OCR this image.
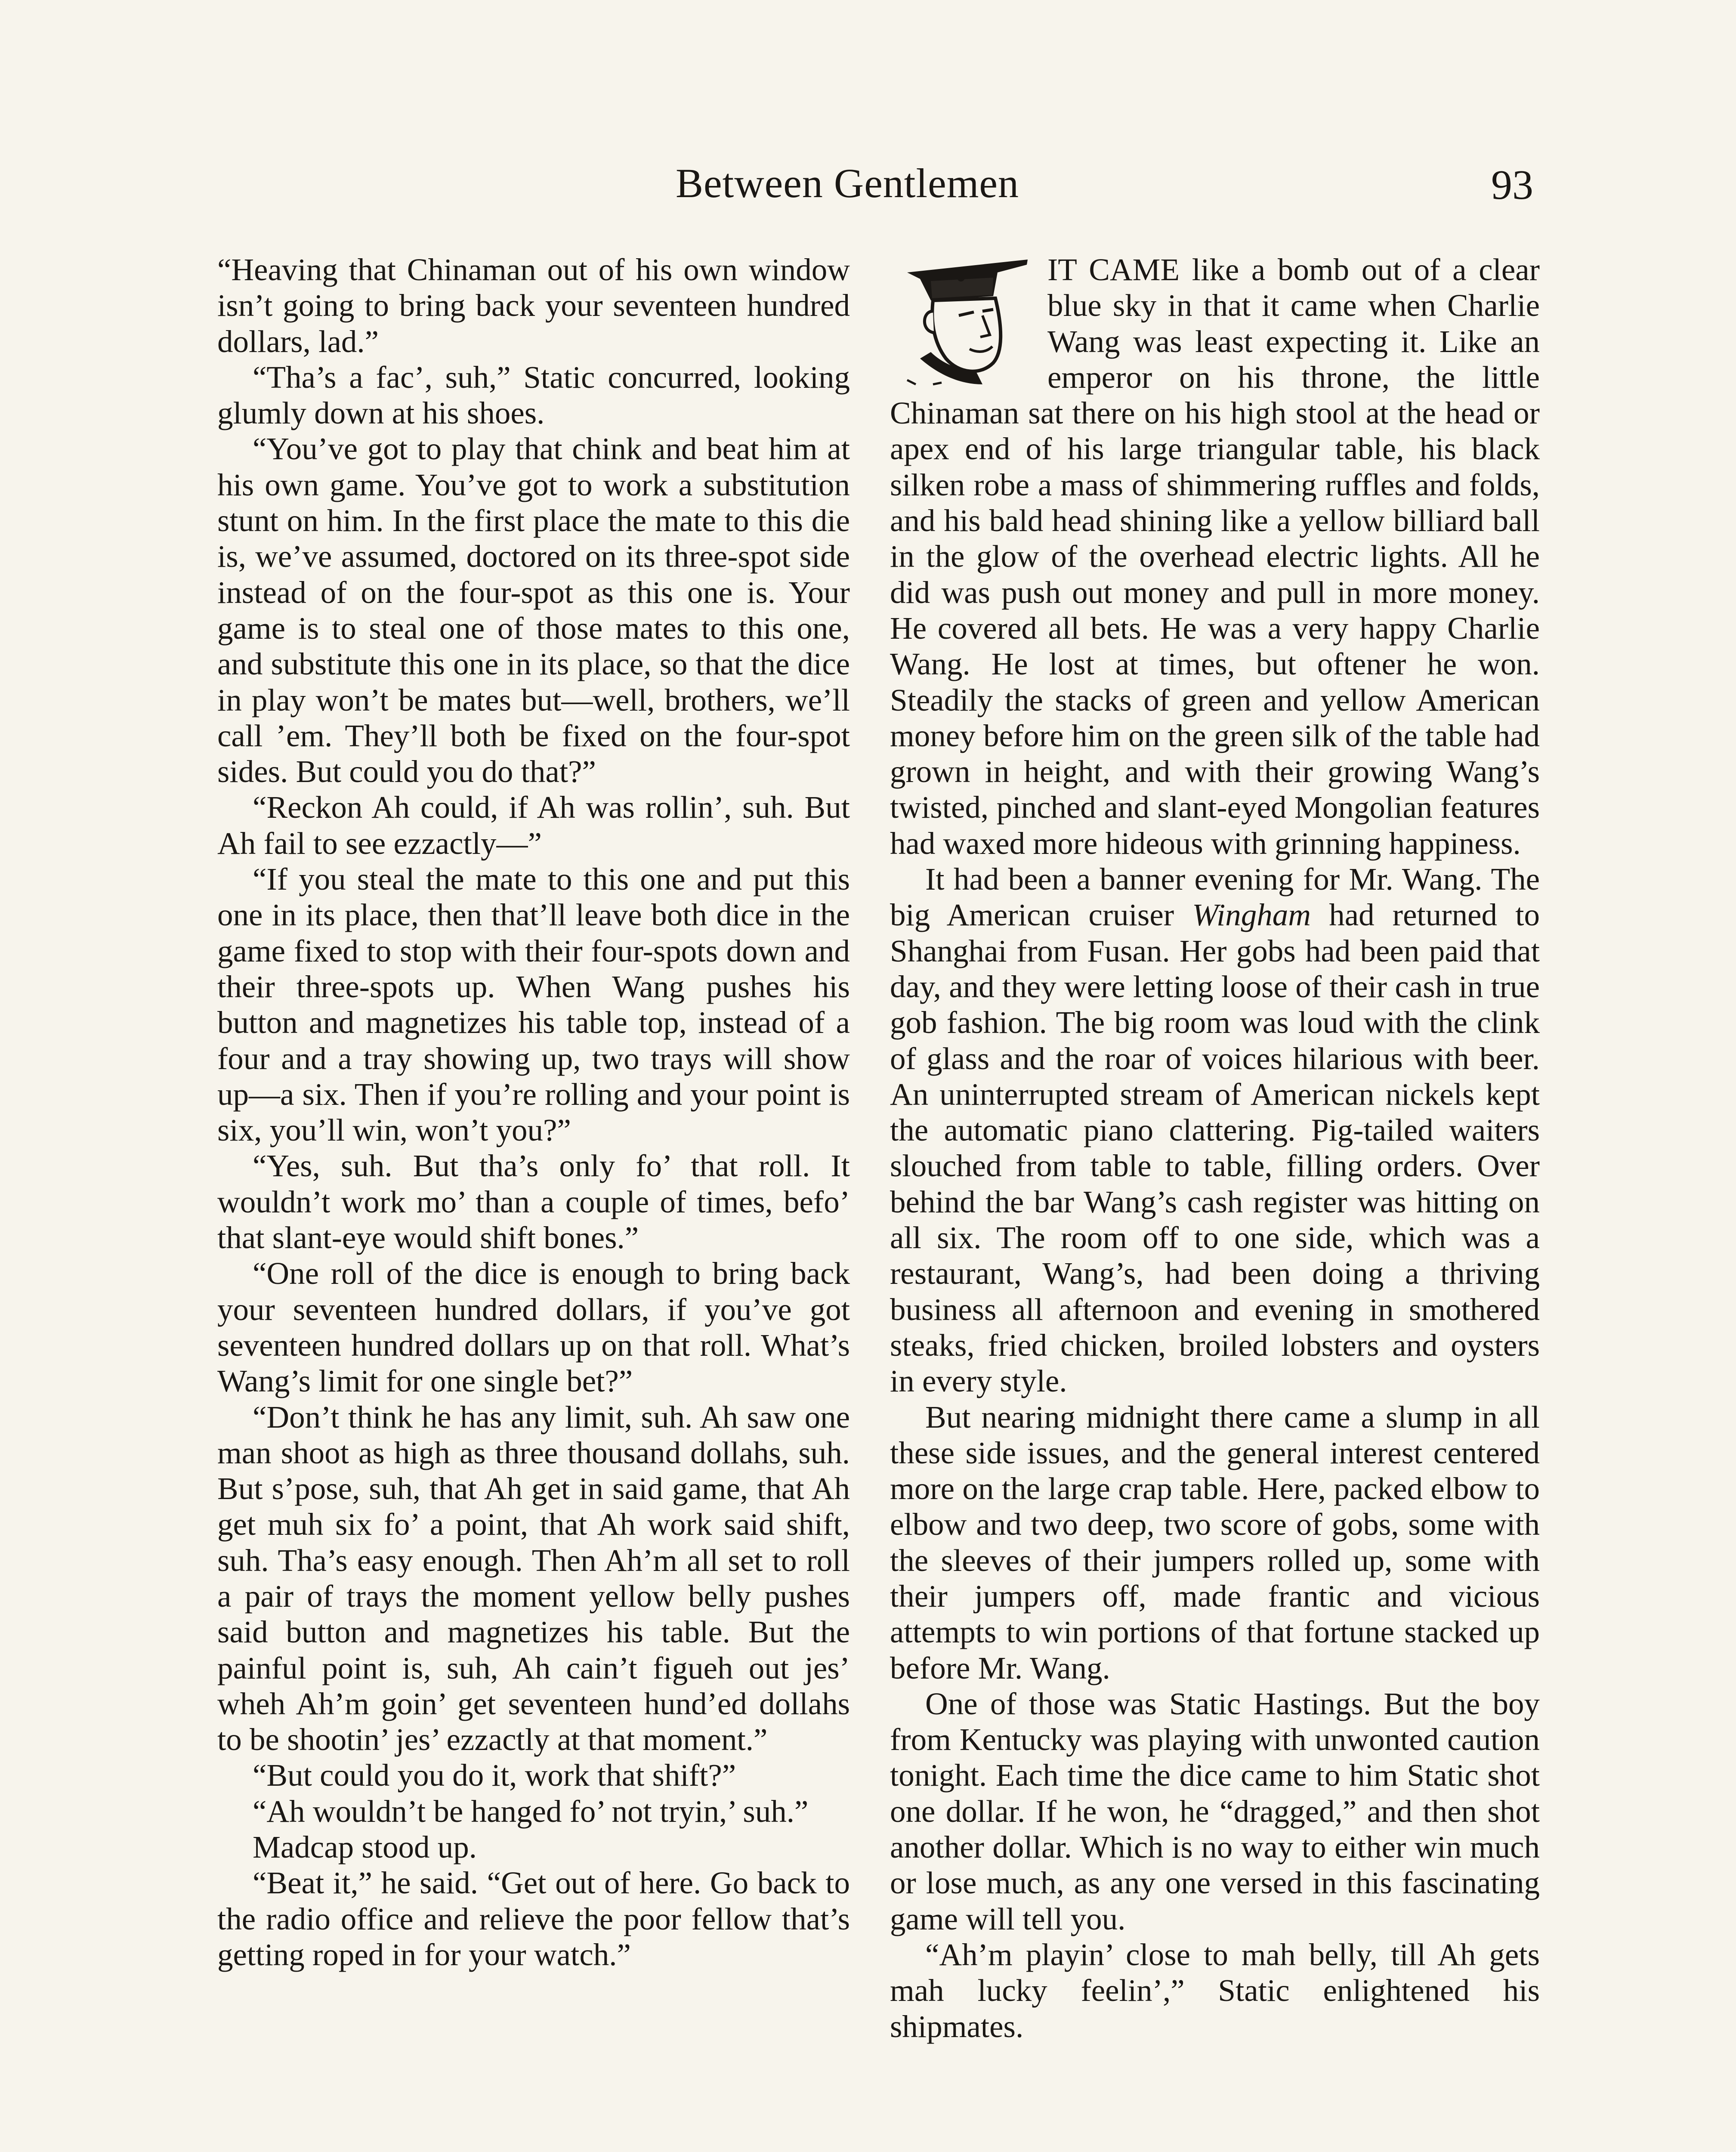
Between Gentlemen	93

“Heaving that Chinaman out of his own window isn’t going to bring back your seventeen hundred dollars, lad.”

“Tha’s a fac’, suh,” Static concurred, looking glumly down at his shoes.

“You’ve got to play that chink and beat him at his own game. You’ve got to work a substitution stunt on him. In the first place the mate to this die is, we’ve assumed, doctored on its three-spot side instead of on the four-spot as this one is. Your game is to steal one of those mates to this one, and substitute this one in its place, so that the dice in play won’t be mates but—well, brothers, we’ll call ’em. They’ll both be fixed on the four-spot sides. But could you do that?”

“Reckon Ah could, if Ah was rollin’, suh. But Ah fail to see ezzactly—”

“If you steal the mate to this one and put this one in its place, then that’ll leave both dice in the game fixed to stop with their four-spots down and their three-spots up. When Wang pushes his button and magnetizes his table top, instead of a four and a tray showing up, two trays will show up—a six. Then if you’re rolling and your point is six, you’ll win, won’t you?”

“Yes, suh. But tha’s only fo’ that roll. It wouldn’t work mo’ than a couple of times, befo’ that slant-eye would shift bones.”

“One roll of the dice is enough to bring back your seventeen hundred dollars, if you’ve got seventeen hundred dollars up on that roll. What’s Wang’s limit for one single bet?”

“Don’t think he has any limit, suh. Ah saw one man shoot as high as three thousand dollahs, suh. But s’pose, suh, that Ah get in said game, that Ah get muh six fo’ a point, that Ah work said shift, suh. Tha’s easy enough. Then Ah’m all set to roll a pair of trays the moment yellow belly pushes said button and magnetizes his table. But the painful point is, suh, Ah cain’t figueh out jes’ wheh Ah’m goin’ get seventeen hund’ed dollahs to be shootin’ jes’ ezzactly at that moment.”

“But could you do it, work that shift?”

“Ah wouldn’t be hanged fo’ not tryin,’ suh.”

Madcap stood up.

“Beat it,” he said. “Get out of here. Go back to the radio office and relieve the poor fellow that’s getting roped in for your watch.”

IT CAME like a bomb out of a clear blue sky in that it came when Charlie Wang was least expecting it. Like an emperor on his throne, the little Chinaman sat there on his high stool at the head or apex end of his large triangular table, his black silken robe a mass of shimmering ruffles and folds, and his bald head shining like a yellow billiard ball in the glow of the overhead electric lights. All he did was push out money and pull in more money. He covered all bets. He was a very happy Charlie Wang. He lost at times, but oftener he won. Steadily the stacks of green and yellow American money before him on the green silk of the table had grown in height, and with their growing Wang’s twisted, pinched and slant-eyed Mongolian features had waxed more hideous with grinning happiness.

It had been a banner evening for Mr. Wang. The big American cruiser Wingham had returned to Shanghai from Fusan. Her gobs had been paid that day, and they were letting loose of their cash in true gob fashion. The big room was loud with the clink of glass and the roar of voices hilarious with beer. An uninterrupted stream of American nickels kept the automatic piano clattering. Pig-tailed waiters slouched from table to table, filling orders. Over behind the bar Wang’s cash register was hitting on all six. The room off to one side, which was a restaurant, Wang’s, had been doing a thriving business all afternoon and evening in smothered steaks, fried chicken, broiled lobsters and oysters in every style.

But nearing midnight there came a slump in all these side issues, and the general interest centered more on the large crap table. Here, packed elbow to elbow and two deep, two score of gobs, some with the sleeves of their jumpers rolled up, some with their jumpers off, made frantic and vicious attempts to win portions of that fortune stacked up before Mr. Wang.

One of those was Static Hastings. But the boy from Kentucky was playing with unwonted caution tonight. Each time the dice came to him Static shot one dollar. If he won, he “dragged,” and then shot another dollar. Which is no way to either win much or lose much, as any one versed in this fascinating game will tell you.

“Ah’m playin’ close to mah belly, till Ah gets mah lucky feelin’,” Static enlightened his shipmates.
